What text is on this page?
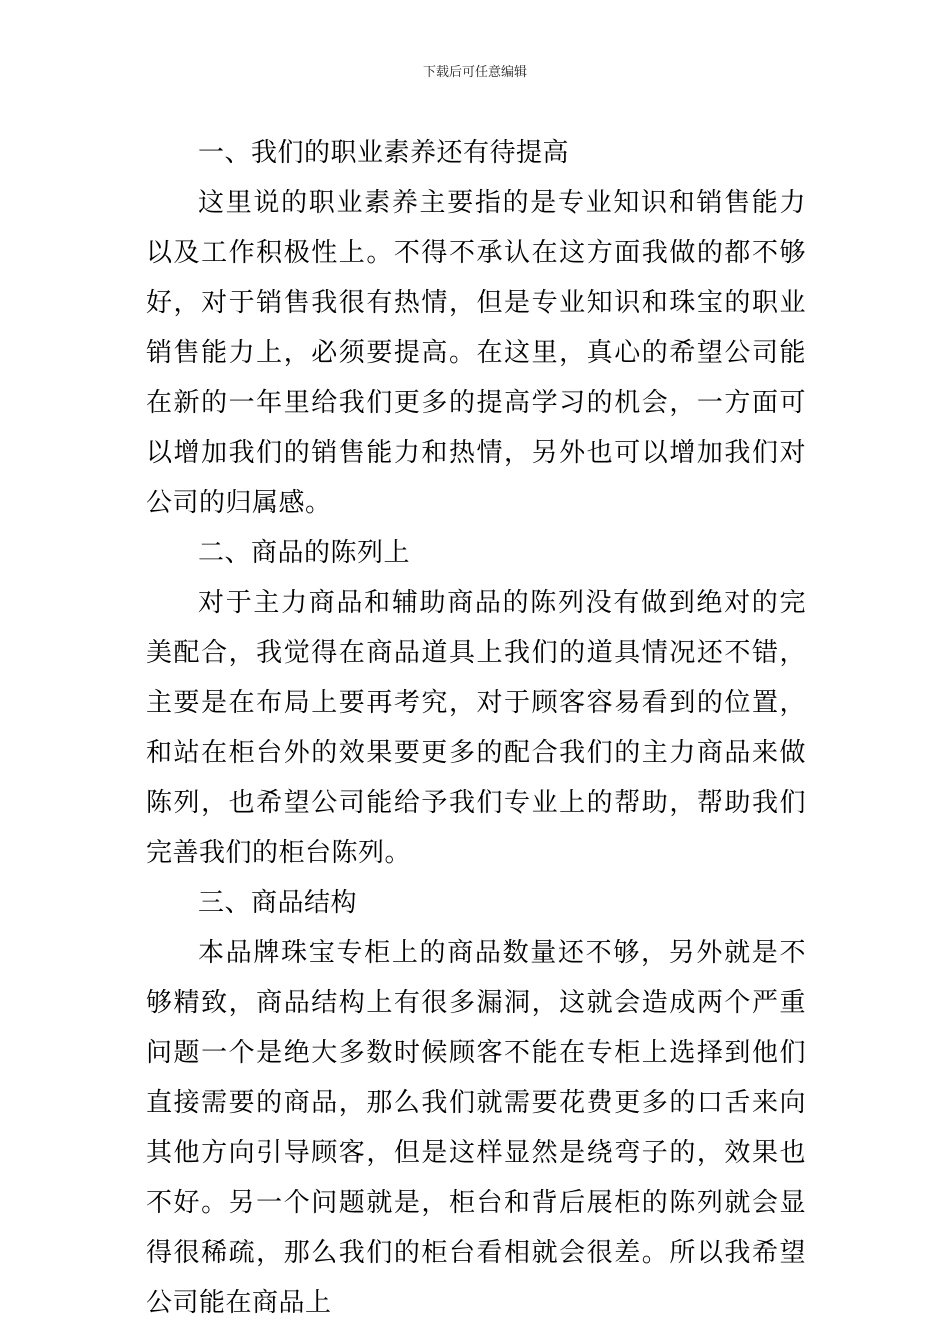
下载后可任意编辑

一、我们的职业素养还有待提高

这里说的职业素养主要指的是专业知识和销售能力以及工作积极性上。不得不承认在这方面我做的都不够好，对于销售我很有热情，但是专业知识和珠宝的职业销售能力上，必须要提高。在这里，真心的希望公司能在新的一年里给我们更多的提高学习的机会，一方面可以增加我们的销售能力和热情，另外也可以增加我们对公司的归属感。

二、商品的陈列上

对于主力商品和辅助商品的陈列没有做到绝对的完美配合，我觉得在商品道具上我们的道具情况还不错，主要是在布局上要再考究，对于顾客容易看到的位置，和站在柜台外的效果要更多的配合我们的主力商品来做陈列，也希望公司能给予我们专业上的帮助，帮助我们完善我们的柜台陈列。

三、商品结构

本品牌珠宝专柜上的商品数量还不够，另外就是不够精致，商品结构上有很多漏洞，这就会造成两个严重问题一个是绝大多数时候顾客不能在专柜上选择到他们直接需要的商品，那么我们就需要花费更多的口舌来向其他方向引导顾客，但是这样显然是绕弯子的，效果也不好。另一个问题就是，柜台和背后展柜的陈列就会显得很稀疏，那么我们的柜台看相就会很差。所以我希望公司能在商品上
